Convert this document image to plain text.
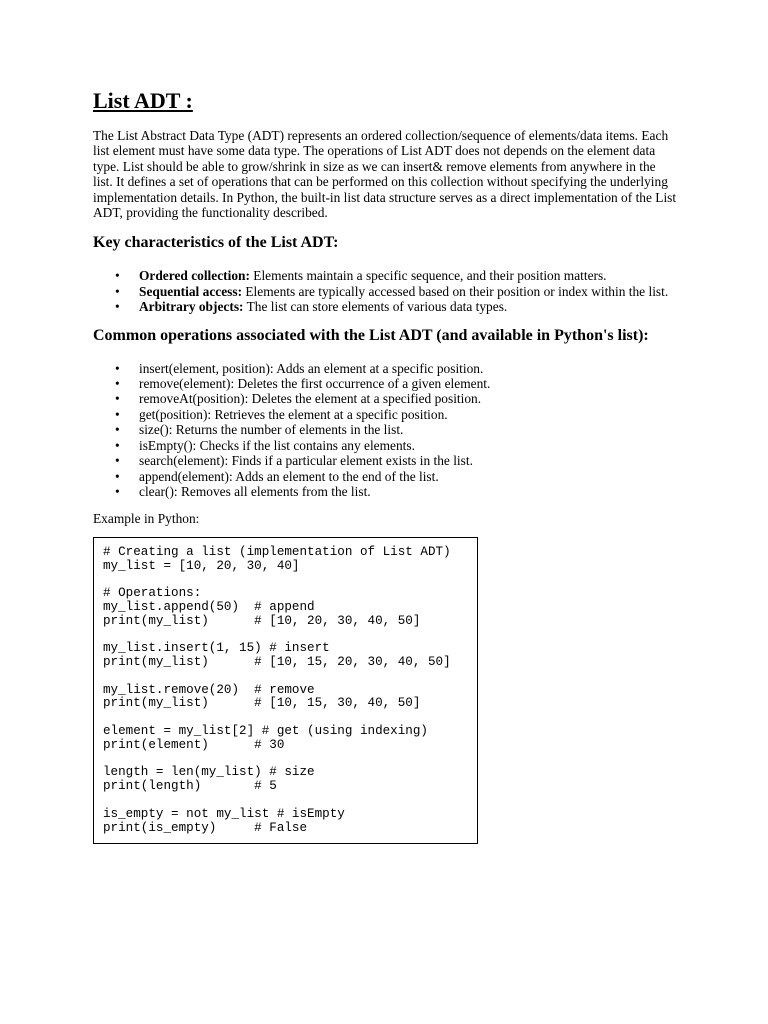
List ADT :

The List Abstract Data Type (ADT) represents an ordered collection/sequence of elements/data items. Each list element must have some data type. The operations of List ADT does not depends on the element data type. List should be able to grow/shrink in size as we can insert& remove elements from anywhere in the list. It defines a set of operations that can be performed on this collection without specifying the underlying implementation details. In Python, the built-in list data structure serves as a direct implementation of the List ADT, providing the functionality described.

Key characteristics of the List ADT:
• Ordered collection: Elements maintain a specific sequence, and their position matters.
• Sequential access: Elements are typically accessed based on their position or index within the list.
• Arbitrary objects: The list can store elements of various data types.
Common operations associated with the List ADT (and available in Python's list):
• insert(element, position): Adds an element at a specific position.
• remove(element): Deletes the first occurrence of a given element.
• removeAt(position): Deletes the element at a specified position.
• get(position): Retrieves the element at a specific position.
• size(): Returns the number of elements in the list.
• isEmpty(): Checks if the list contains any elements.
• search(element): Finds if a particular element exists in the list.
• append(element): Adds an element to the end of the list.
• clear(): Removes all elements from the list.

Example in Python:

# Creating a list (implementation of List ADT)
my_list = [10, 20, 30, 40]
# Operations:
my_list.append(50)  # append
print(my_list)      # [10, 20, 30, 40, 50]
my_list.insert(1, 15) # insert
print(my_list)      # [10, 15, 20, 30, 40, 50]
my_list.remove(20)  # remove
print(my_list)      # [10, 15, 30, 40, 50]
element = my_list[2] # get (using indexing)
print(element)      # 30
length = len(my_list) # size
print(length)       # 5
is_empty = not my_list # isEmpty
print(is_empty)     # False
